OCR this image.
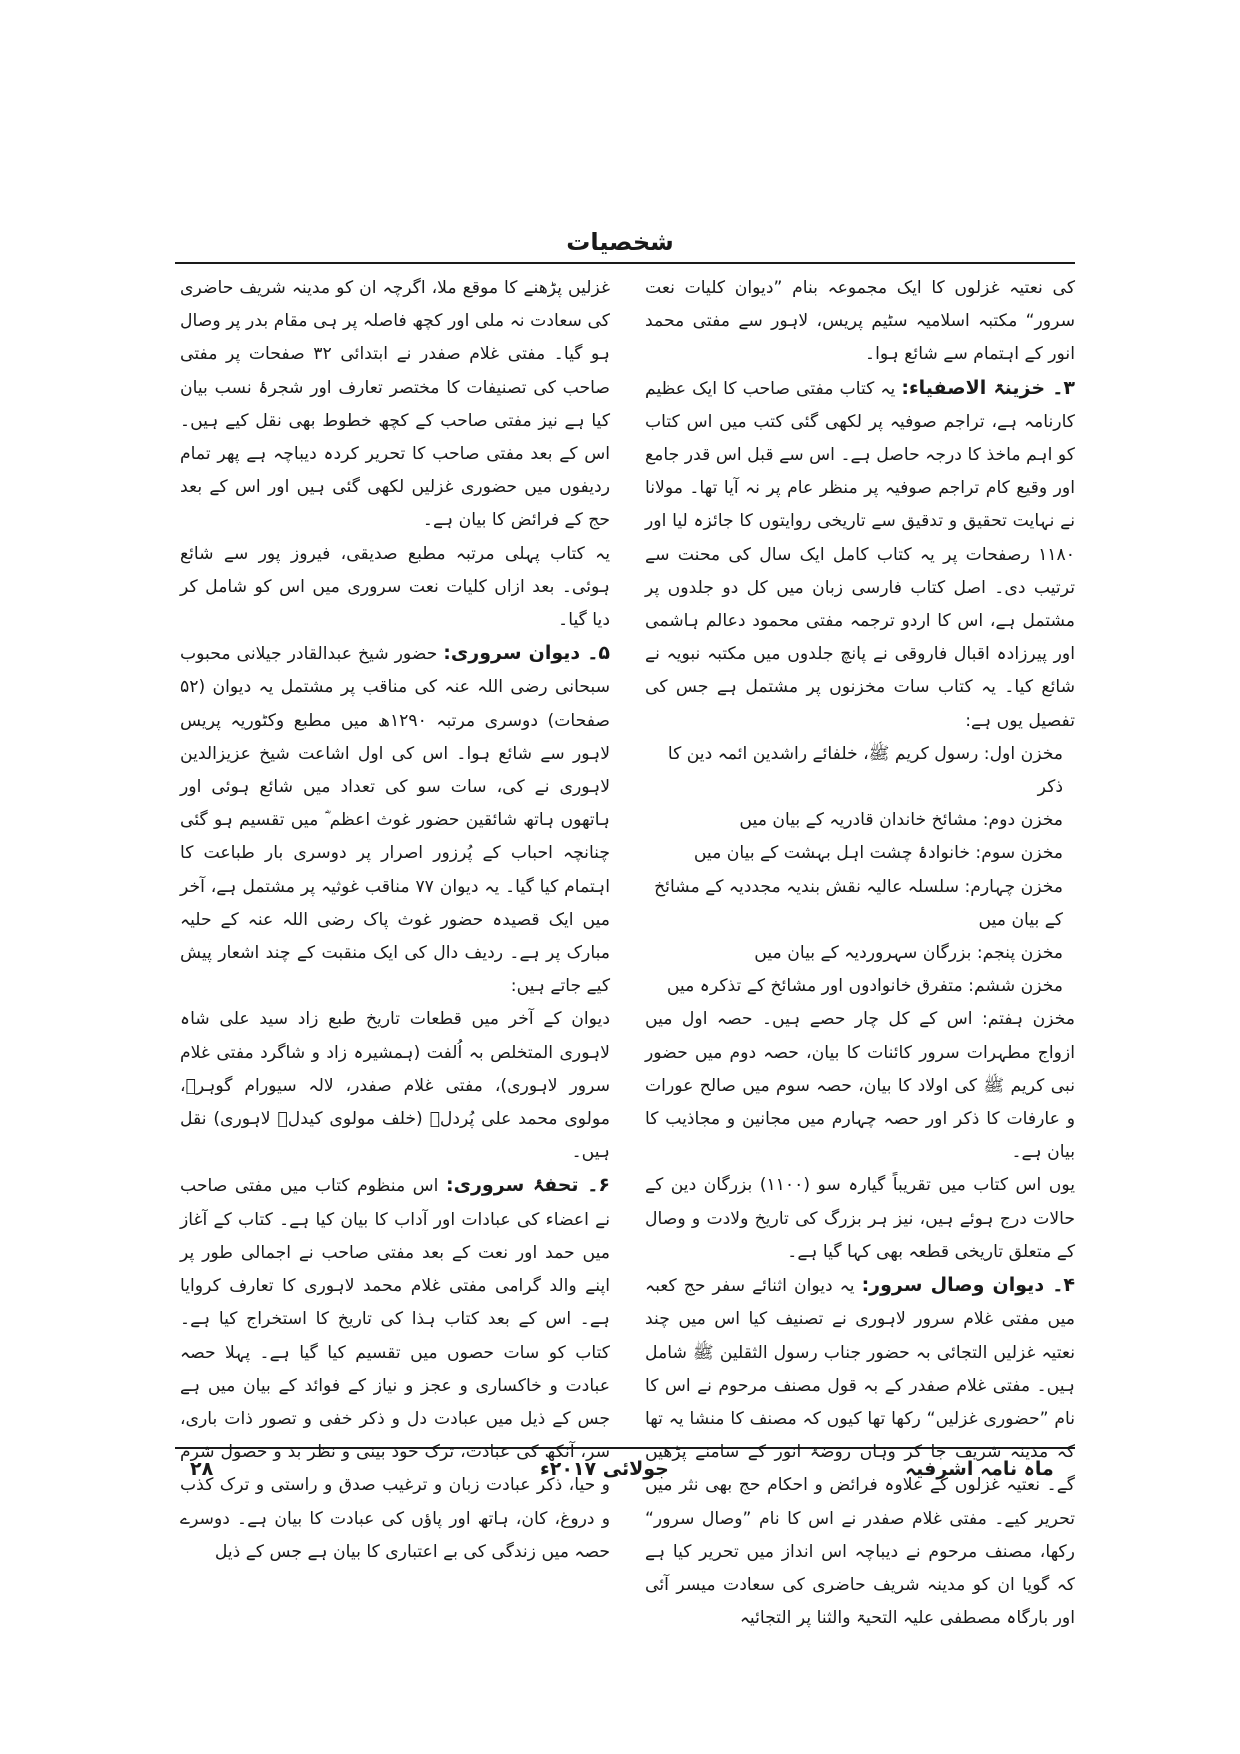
شخصیات

کی نعتیہ غزلوں کا ایک مجموعہ بنام ”دیوان کلیات نعت سرور“ مکتبہ اسلامیہ سٹیم پریس، لاہور سے مفتی محمد انور کے اہتمام سے شائع ہوا۔

۳۔ خزینۃ الاصفیاء: یہ کتاب مفتی صاحب کا ایک عظیم کارنامہ ہے، تراجم صوفیہ پر لکھی گئی کتب میں اس کتاب کو اہم ماخذ کا درجہ حاصل ہے۔ اس سے قبل اس قدر جامع اور وقیع کام تراجم صوفیہ پر منظر عام پر نہ آیا تھا۔ مولانا نے نہایت تحقیق و تدقیق سے تاریخی روایتوں کا جائزہ لیا اور ۱۱۸۰ رصفحات پر یہ کتاب کامل ایک سال کی محنت سے ترتیب دی۔ اصل کتاب فارسی زبان میں کل دو جلدوں پر مشتمل ہے، اس کا اردو ترجمہ مفتی محمود دعالم ہاشمی اور پیرزادہ اقبال فاروقی نے پانچ جلدوں میں مکتبہ نبویہ نے شائع کیا۔ یہ کتاب سات مخزنوں پر مشتمل ہے جس کی تفصیل یوں ہے:

مخزن اول: رسول کریم ﷺ، خلفائے راشدین ائمہ دین کا ذکر

مخزن دوم: مشائخ خاندان قادریہ کے بیان میں

مخزن سوم: خانوادۂ چشت اہل بہشت کے بیان میں

مخزن چہارم: سلسلہ عالیہ نقش بندیہ مجددیہ کے مشائخ کے بیان میں

مخزن پنجم: بزرگان سہروردیہ کے بیان میں

مخزن ششم: متفرق خانوادوں اور مشائخ کے تذکرہ میں

مخزن ہفتم: اس کے کل چار حصے ہیں۔ حصہ اول میں ازواج مطہرات سرور کائنات کا بیان، حصہ دوم میں حضور نبی کریم ﷺ کی اولاد کا بیان، حصہ سوم میں صالح عورات و عارفات کا ذکر اور حصہ چہارم میں مجانین و مجاذیب کا بیان ہے۔

یوں اس کتاب میں تقریباً گیارہ سو (۱۱۰۰) بزرگان دین کے حالات درج ہوئے ہیں، نیز ہر بزرگ کی تاریخ ولادت و وصال کے متعلق تاریخی قطعہ بھی کہا گیا ہے۔

۴۔ دیوان وصال سرور: یہ دیوان اثنائے سفر حج کعبہ میں مفتی غلام سرور لاہوری نے تصنیف کیا اس میں چند نعتیہ غزلیں التجائی بہ حضور جناب رسول الثقلین ﷺ شامل ہیں۔ مفتی غلام صفدر کے بہ قول مصنف مرحوم نے اس کا نام ”حضوری غزلیں“ رکھا تھا کیوں کہ مصنف کا منشا یہ تھا کہ مدینہ شریف جا کر وہاں روضۂ انور کے سامنے پڑھیں گے۔ نعتیہ غزلوں کے علاوہ فرائض و احکام حج بھی نثر میں تحریر کیے۔ مفتی غلام صفدر نے اس کا نام ”وصال سرور“ رکھا، مصنف مرحوم نے دیباچہ اس انداز میں تحریر کیا ہے کہ گویا ان کو مدینہ شریف حاضری کی سعادت میسر آئی اور بارگاہ مصطفی علیہ التحیۃ والثنا پر التجائیہ

غزلیں پڑھنے کا موقع ملا، اگرچہ ان کو مدینہ شریف حاضری کی سعادت نہ ملی اور کچھ فاصلہ پر ہی مقام بدر پر وصال ہو گیا۔ مفتی غلام صفدر نے ابتدائی ۳۲ صفحات پر مفتی صاحب کی تصنیفات کا مختصر تعارف اور شجرۂ نسب بیان کیا ہے نیز مفتی صاحب کے کچھ خطوط بھی نقل کیے ہیں۔ اس کے بعد مفتی صاحب کا تحریر کردہ دیباچہ ہے پھر تمام ردیفوں میں حضوری غزلیں لکھی گئی ہیں اور اس کے بعد حج کے فرائض کا بیان ہے۔

یہ کتاب پہلی مرتبہ مطبع صدیقی، فیروز پور سے شائع ہوئی۔ بعد ازاں کلیات نعت سروری میں اس کو شامل کر دیا گیا۔

۵۔ دیوان سروری: حضور شیخ عبدالقادر جیلانی محبوب سبحانی رضی اللہ عنہ کی مناقب پر مشتمل یہ دیوان (۵۲ صفحات) دوسری مرتبہ ۱۲۹۰ھ میں مطبع وکٹوریہ پریس لاہور سے شائع ہوا۔ اس کی اول اشاعت شیخ عزیزالدین لاہوری نے کی، سات سو کی تعداد میں شائع ہوئی اور ہاتھوں ہاتھ شائقین حضور غوث اعظم ؓ میں تقسیم ہو گئی چنانچہ احباب کے پُرزور اصرار پر دوسری بار طباعت کا اہتمام کیا گیا۔ یہ دیوان ۷۷ مناقب غوثیہ پر مشتمل ہے، آخر میں ایک قصیدہ حضور غوث پاک رضی اللہ عنہ کے حلیہ مبارک پر ہے۔ ردیف دال کی ایک منقبت کے چند اشعار پیش کیے جاتے ہیں:

دیوان کے آخر میں قطعات تاریخ طبع زاد سید علی شاہ لاہوری المتخلص بہ اُلفت (ہمشیرہ زاد و شاگرد مفتی غلام سرور لاہوری)، مفتی غلام صفدر، لالہ سیورام گوہرؔ، مولوی محمد علی پُردلؔ (خلف مولوی کیدلؔ لاہوری) نقل ہیں۔

۶۔ تحفۂ سروری: اس منظوم کتاب میں مفتی صاحب نے اعضاء کی عبادات اور آداب کا بیان کیا ہے۔ کتاب کے آغاز میں حمد اور نعت کے بعد مفتی صاحب نے اجمالی طور پر اپنے والد گرامی مفتی غلام محمد لاہوری کا تعارف کروایا ہے۔ اس کے بعد کتاب ہذا کی تاریخ کا استخراج کیا ہے۔ کتاب کو سات حصوں میں تقسیم کیا گیا ہے۔ پہلا حصہ عبادت و خاکساری و عجز و نیاز کے فوائد کے بیان میں ہے جس کے ذیل میں عبادت دل و ذکر خفی و تصور ذات باری، سر، آنکھ کی عبادت، ترک خود بینی و نظر بد و حصول شرم و حیا، ذکر عبادت زبان و ترغیب صدق و راستی و ترک کذب و دروغ، کان، ہاتھ اور پاؤں کی عبادت کا بیان ہے۔ دوسرے حصہ میں زندگی کی بے اعتباری کا بیان ہے جس کے ذیل

ماہ نامہ اشرفیہ
جولائی ۲۰۱۷ء
۲۸
